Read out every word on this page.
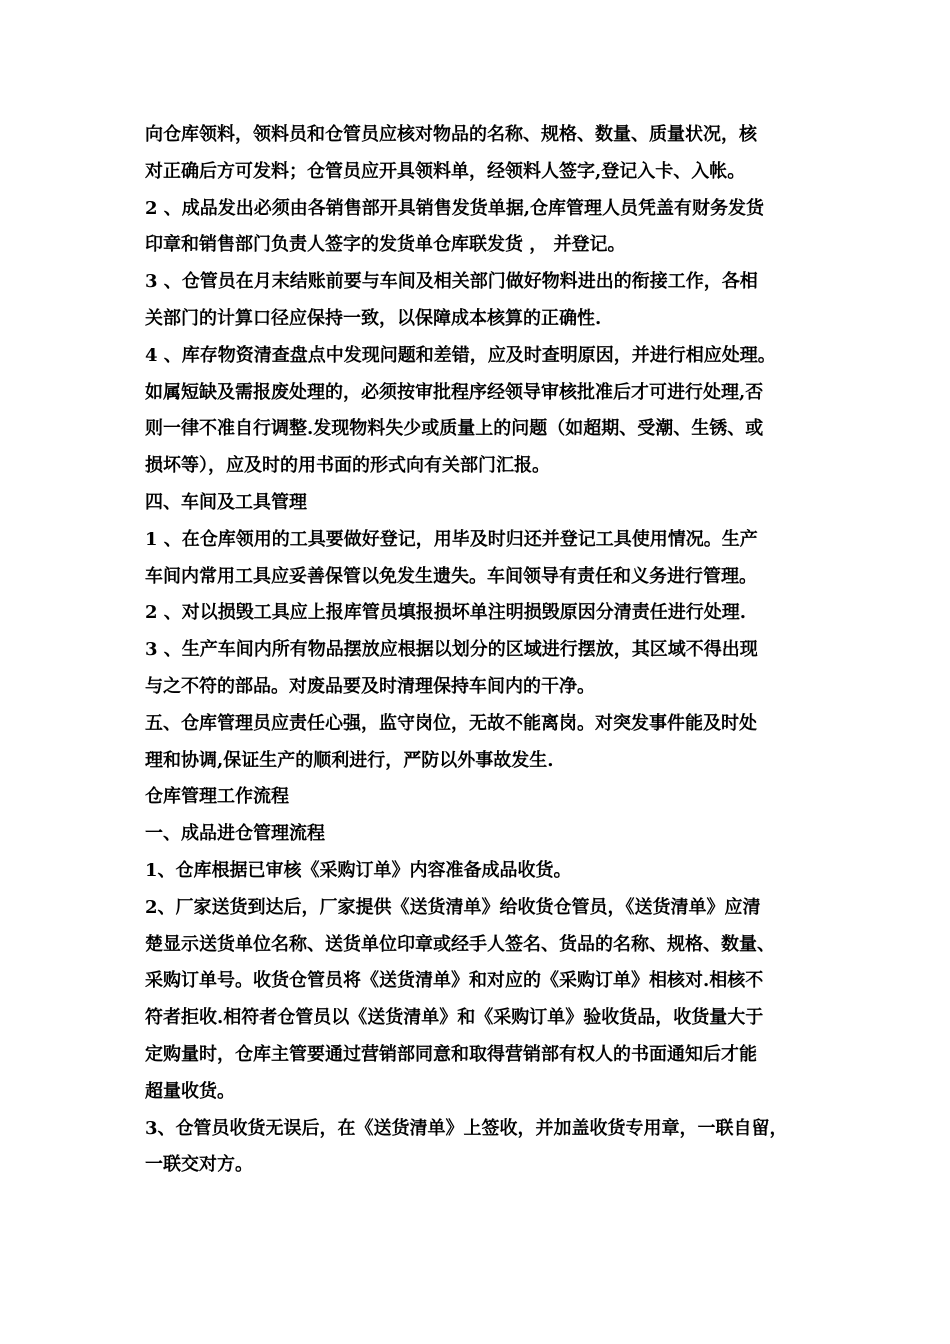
向仓库领料，领料员和仓管员应核对物品的名称、规格、数量、质量状况，核
对正确后方可发料；仓管员应开具领料单，经领料人签字,登记入卡、入帐。
2 、成品发出必须由各销售部开具销售发货单据,仓库管理人员凭盖有财务发货
印章和销售部门负责人签字的发货单仓库联发货 ， 并登记。
3 、仓管员在月末结账前要与车间及相关部门做好物料进出的衔接工作，各相
关部门的计算口径应保持一致，以保障成本核算的正确性.
4 、库存物资清查盘点中发现问题和差错，应及时查明原因，并进行相应处理。
如属短缺及需报废处理的，必须按审批程序经领导审核批准后才可进行处理,否
则一律不准自行调整.发现物料失少或质量上的问题（如超期、受潮、生锈、或
损坏等），应及时的用书面的形式向有关部门汇报。
四、车间及工具管理
1 、在仓库领用的工具要做好登记，用毕及时归还并登记工具使用情况。生产
车间内常用工具应妥善保管以免发生遗失。车间领导有责任和义务进行管理。
2 、对以损毁工具应上报库管员填报损坏单注明损毁原因分清责任进行处理.
3 、生产车间内所有物品摆放应根据以划分的区域进行摆放，其区域不得出现
与之不符的部品。对废品要及时清理保持车间内的干净。
五、仓库管理员应责任心强，监守岗位，无故不能离岗。对突发事件能及时处
理和协调,保证生产的顺利进行，严防以外事故发生.
仓库管理工作流程
一、成品进仓管理流程
1、仓库根据已审核《采购订单》内容准备成品收货。
2、厂家送货到达后，厂家提供《送货清单》给收货仓管员，《送货清单》应清
楚显示送货单位名称、送货单位印章或经手人签名、货品的名称、规格、数量、
采购订单号。收货仓管员将《送货清单》和对应的《采购订单》相核对.相核不
符者拒收.相符者仓管员以《送货清单》和《采购订单》验收货品，收货量大于
定购量时，仓库主管要通过营销部同意和取得营销部有权人的书面通知后才能
超量收货。
3、仓管员收货无误后，在《送货清单》上签收，并加盖收货专用章，一联自留，
一联交对方。
